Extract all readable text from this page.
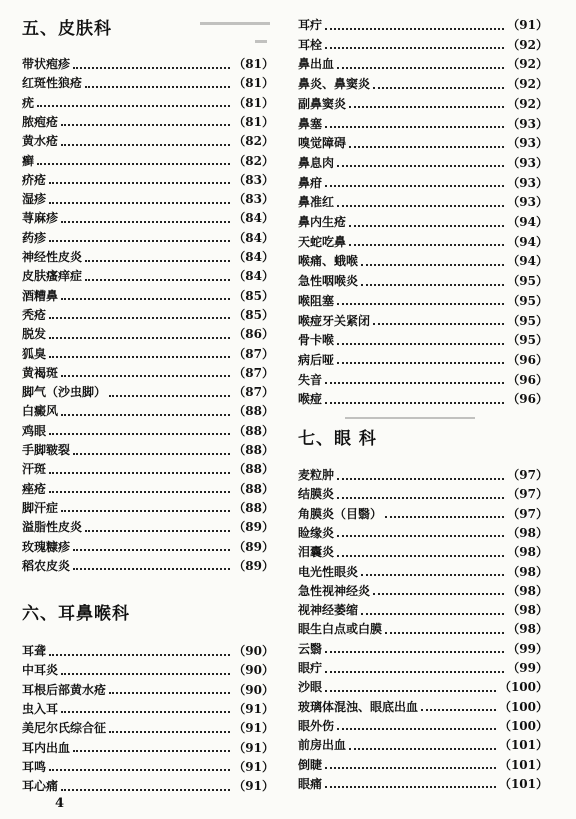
五、皮肤科
带状疱疹	（81）
红斑性狼疮	（81）
疣	（81）
脓疱疮	（81）
黄水疮	（82）
癣	（82）
疥疮	（83）
湿疹	（83）
荨麻疹	（84）
药疹	（84）
神经性皮炎	（84）
皮肤瘙痒症	（84）
酒糟鼻	（85）
秃疮	（85）
脱发	（86）
狐臭	（87）
黄褐斑	（87）
脚气（沙虫脚）	（87）
白癜风	（88）
鸡眼	（88）
手脚皲裂	（88）
汗斑	（88）
痤疮	（88）
脚汗症	（88）
溢脂性皮炎	（89）
玫瑰糠疹	（89）
稻农皮炎	（89）
六、耳鼻喉科
耳聋	（90）
中耳炎	（90）
耳根后部黄水疮	（90）
虫入耳	（91）
美尼尔氏综合征	（91）
耳内出血	（91）
耳鸣	（91）
耳心痛	（91）
耳疔	（91）
耳栓	（92）
鼻出血	（92）
鼻炎、鼻窦炎	（92）
副鼻窦炎	（92）
鼻塞	（93）
嗅觉障碍	（93）
鼻息肉	（93）
鼻疳	（93）
鼻准红	（93）
鼻内生疮	（94）
天蛇吃鼻	（94）
喉痛、蛾喉	（94）
急性咽喉炎	（95）
喉阻塞	（95）
喉痖牙关紧闭	（95）
骨卡喉	（95）
病后哑	（96）
失音	（96）
喉痖	（96）
七、眼 科
麦粒肿	（97）
结膜炎	（97）
角膜炎（目翳）	（97）
睑缘炎	（98）
泪囊炎	（98）
电光性眼炎	（98）
急性视神经炎	（98）
视神经萎缩	（98）
眼生白点或白膜	（98）
云翳	（99）
眼疔	（99）
沙眼	（100）
玻璃体混浊、眼底出血	（100）
眼外伤	（100）
前房出血	（101）
倒睫	（101）
眼痛	（101）
4
